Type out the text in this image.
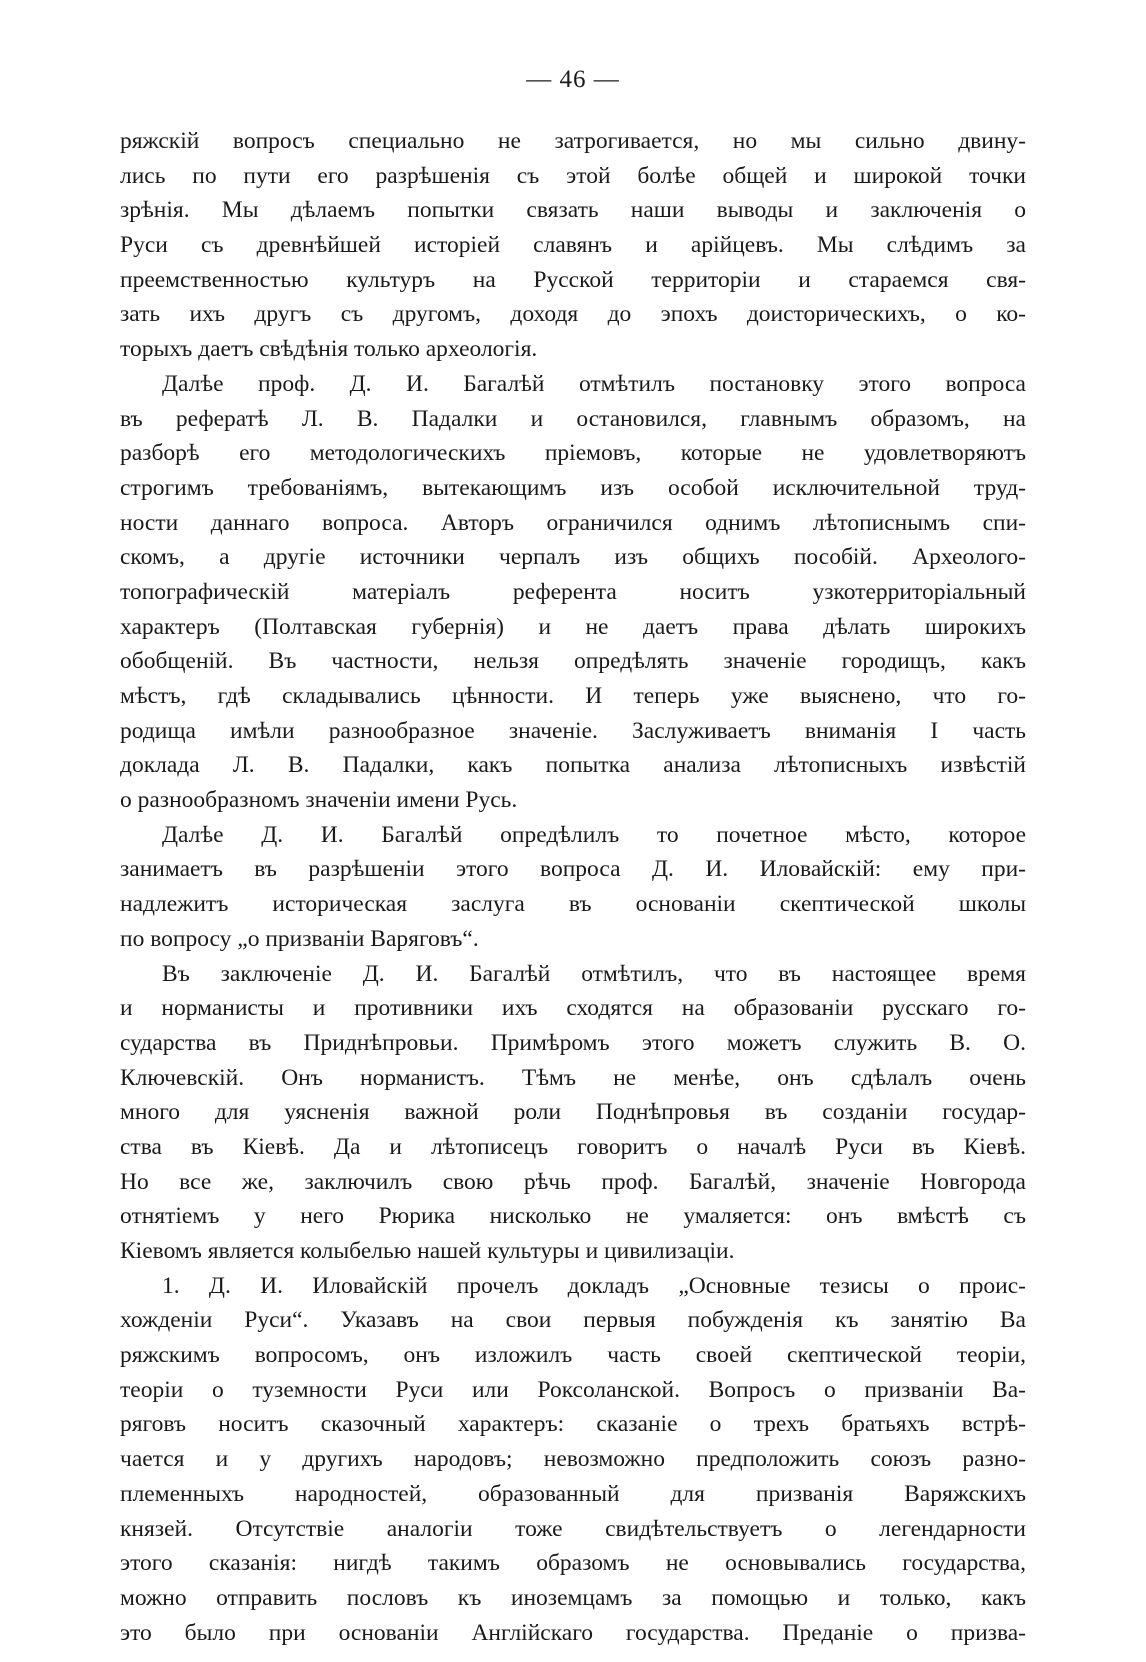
— 46 —
ряжскій вопросъ специально не затрогивается, но мы сильно двину-
лись по пути его разрѣшенія съ этой болѣе общей и широкой точки
зрѣнія. Мы дѣлаемъ попытки связать наши выводы и заключенія о
Руси съ древнѣйшей исторіей славянъ и арійцевъ. Мы слѣдимъ за
преемственностью культуръ на Русской территоріи и стараемся свя-
зать ихъ другъ съ другомъ, доходя до эпохъ доисторическихъ, о ко-
торыхъ даетъ свѣдѣнія только археологія.
Далѣе проф. Д. И. Багалѣй отмѣтилъ постановку этого вопроса
въ рефератѣ Л. В. Падалки и остановился, главнымъ образомъ, на
разборѣ его методологическихъ пріемовъ, которые не удовлетворяютъ
строгимъ требованіямъ, вытекающимъ изъ особой исключительной труд-
ности даннаго вопроса. Авторъ ограничился однимъ лѣтописнымъ спи-
скомъ, а другіе источники черпалъ изъ общихъ пособій. Археолого-
топографическій матеріалъ референта носитъ узкотерриторіальный
характеръ (Полтавская губернія) и не даетъ права дѣлать широкихъ
обобщеній. Въ частности, нельзя опредѣлять значеніе городищъ, какъ
мѣстъ, гдѣ складывались цѣнности. И теперь уже выяснено, что го-
родища имѣли разнообразное значеніе. Заслуживаетъ вниманія I часть
доклада Л. В. Падалки, какъ попытка анализа лѣтописныхъ извѣстій
о разнообразномъ значеніи имени Русь.
Далѣе Д. И. Багалѣй опредѣлилъ то почетное мѣсто, которое
занимаетъ въ разрѣшеніи этого вопроса Д. И. Иловайскій: ему при-
надлежитъ историческая заслуга въ основаніи скептической школы
по вопросу „о призваніи Варяговъ“.
Въ заключеніе Д. И. Багалѣй отмѣтилъ, что въ настоящее время
и норманисты и противники ихъ сходятся на образованіи русскаго го-
сударства въ Приднѣпровьи. Примѣромъ этого можетъ служить В. О.
Ключевскій. Онъ норманистъ. Тѣмъ не менѣе, онъ сдѣлалъ очень
много для уясненія важной роли Поднѣпровья въ созданіи государ-
ства въ Кіевѣ. Да и лѣтописецъ говоритъ о началѣ Руси въ Кіевѣ.
Но все же, заключилъ свою рѣчь проф. Багалѣй, значеніе Новгорода
отнятіемъ у него Рюрика нисколько не умаляется: онъ вмѣстѣ съ
Кіевомъ является колыбелью нашей культуры и цивилизаціи.
1. Д. И. Иловайскій прочелъ докладъ „Основные тезисы о проис-
хожденіи Руси“. Указавъ на свои первыя побужденія къ занятію Ва
ряжскимъ вопросомъ, онъ изложилъ часть своей скептической теоріи,
теоріи о туземности Руси или Роксоланской. Вопросъ о призваніи Ва-
ряговъ носитъ сказочный характеръ: сказаніе о трехъ братьяхъ встрѣ-
чается и у другихъ народовъ; невозможно предположить союзъ разно-
племенныхъ народностей, образованный для призванія Варяжскихъ
князей. Отсутствіе аналогіи тоже свидѣтельствуетъ о легендарности
этого сказанія: нигдѣ такимъ образомъ не основывались государства,
можно отправить пословъ къ иноземцамъ за помощью и только, какъ
это было при основаніи Англійскаго государства. Преданіе о призва-
